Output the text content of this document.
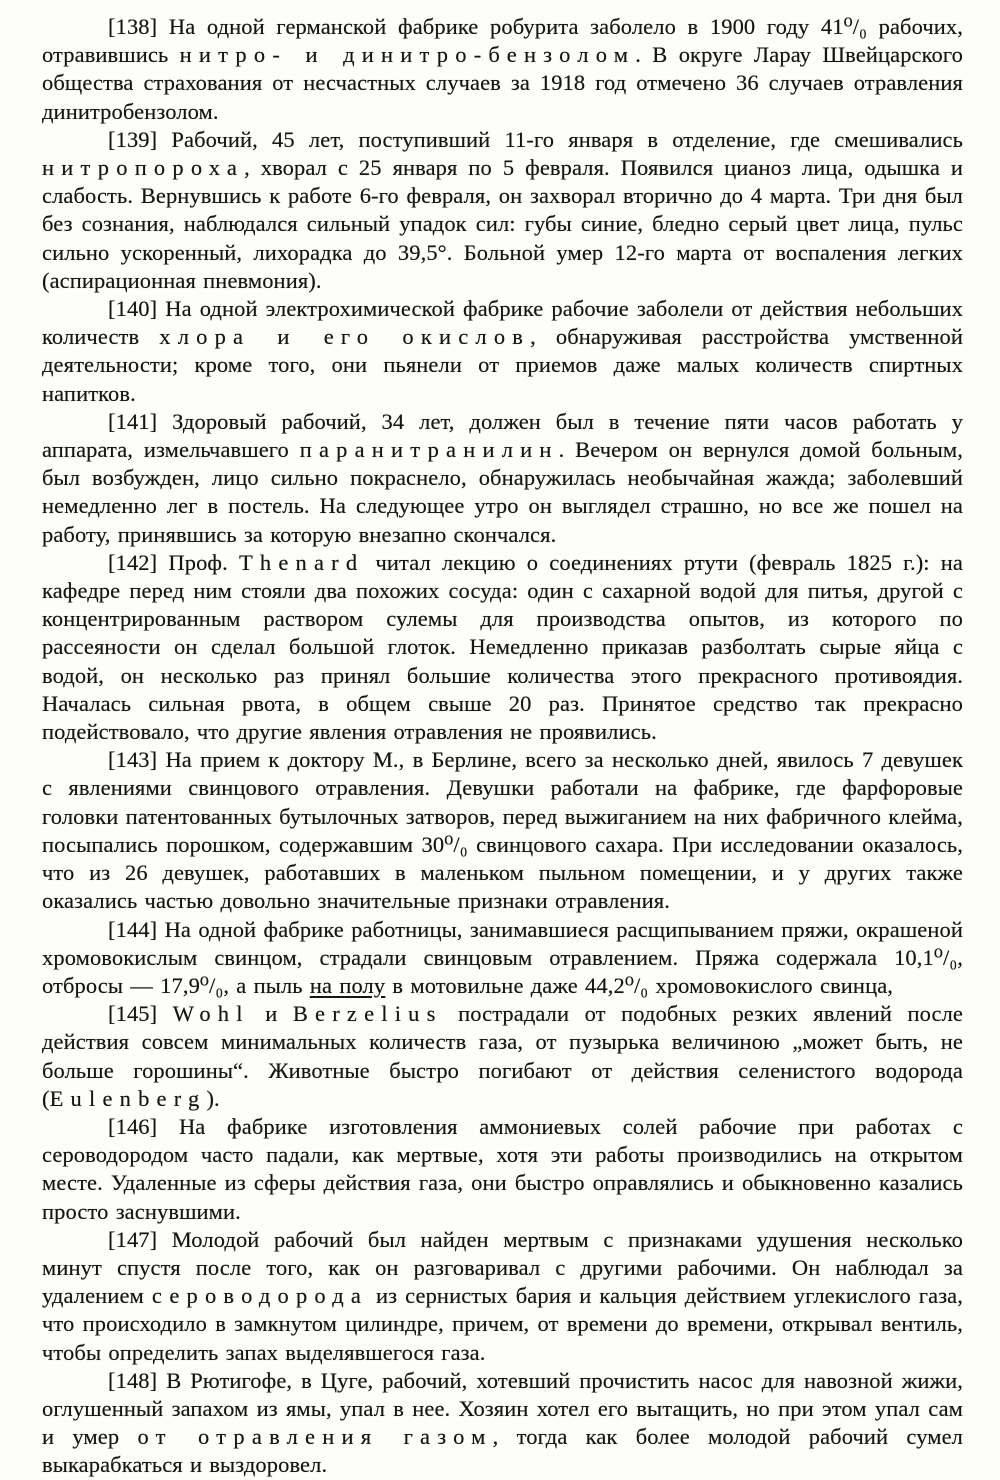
[138] На одной германской фабрике робурита заболело в 1900 году 41⁰/₀ рабочих, отравившись нитро- и динитро-бензолом. В округе Ларау Швейцарского общества страхования от несчастных случаев за 1918 год отмечено 36 случаев отравления динитробензолом.

[139] Рабочий, 45 лет, поступивший 11-го января в отделение, где смешивались нитропороха, хворал с 25 января по 5 февраля. Появился цианоз лица, одышка и слабость. Вернувшись к работе 6-го февраля, он захворал вторично до 4 марта. Три дня был без сознания, наблюдался сильный упадок сил: губы синие, бледно серый цвет лица, пульс сильно ускоренный, лихорадка до 39,5°. Больной умер 12-го марта от воспаления легких (аспирационная пневмония).

[140] На одной электрохимической фабрике рабочие заболели от действия небольших количеств хлора и его окислов, обнаруживая расстройства умственной деятельности; кроме того, они пьянели от приемов даже малых количеств спиртных напитков.

[141] Здоровый рабочий, 34 лет, должен был в течение пяти часов работать у аппарата, измельчавшего паранитранилин. Вечером он вернулся домой больным, был возбужден, лицо сильно покраснело, обнаружилась необычайная жажда; заболевший немедленно лег в постель. На следующее утро он выглядел страшно, но все же пошел на работу, принявшись за которую внезапно скончался.

[142] Проф. Thenard читал лекцию о соединениях ртути (февраль 1825 г.): на кафедре перед ним стояли два похожих сосуда: один с сахарной водой для питья, другой с концентрированным раствором сулемы для производства опытов, из которого по рассеяности он сделал большой глоток. Немедленно приказав разболтать сырые яйца с водой, он несколько раз принял большие количества этого прекрасного противоядия. Началась сильная рвота, в общем свыше 20 раз. Принятое средство так прекрасно подействовало, что другие явления отравления не проявились.

[143] На прием к доктору М., в Берлине, всего за несколько дней, явилось 7 девушек с явлениями свинцового отравления. Девушки работали на фабрике, где фарфоровые головки патентованных бутылочных затворов, перед выжиганием на них фабричного клейма, посыпались порошком, содержавшим 30⁰/₀ свинцового сахара. При исследовании оказалось, что из 26 девушек, работавших в маленьком пыльном помещении, и у других также оказались частью довольно значительные признаки отравления.

[144] На одной фабрике работницы, занимавшиеся расщипыванием пряжи, окрашеной хромовокислым свинцом, страдали свинцовым отравлением. Пряжа содержала 10,1⁰/₀, отбросы — 17,9⁰/₀, а пыль на полу в мотовильне даже 44,2⁰/₀ хромовокислого свинца,

[145] Wohl и Berzelius пострадали от подобных резких явлений после действия совсем минимальных количеств газа, от пузырька величиною „может быть, не больше горошины“. Животные быстро погибают от действия селенистого водорода (Eulenberg).

[146] На фабрике изготовления аммониевых солей рабочие при работах с сероводородом часто падали, как мертвые, хотя эти работы производились на открытом месте. Удаленные из сферы действия газа, они быстро оправлялись и обыкновенно казались просто заснувшими.

[147] Молодой рабочий был найден мертвым с признаками удушения несколько минут спустя после того, как он разговаривал с другими рабочими. Он наблюдал за удалением сероводорода из сернистых бария и кальция действием углекислого газа, что происходило в замкнутом цилиндре, причем, от времени до времени, открывал вентиль, чтобы определить запах выделявшегося газа.

[148] В Рютигофе, в Цуге, рабочий, хотевший прочистить насос для навозной жижи, оглушенный запахом из ямы, упал в нее. Хозяин хотел его вытащить, но при этом упал сам и умер от отравления газом, тогда как более молодой рабочий сумел выкарабкаться и выздоровел.
